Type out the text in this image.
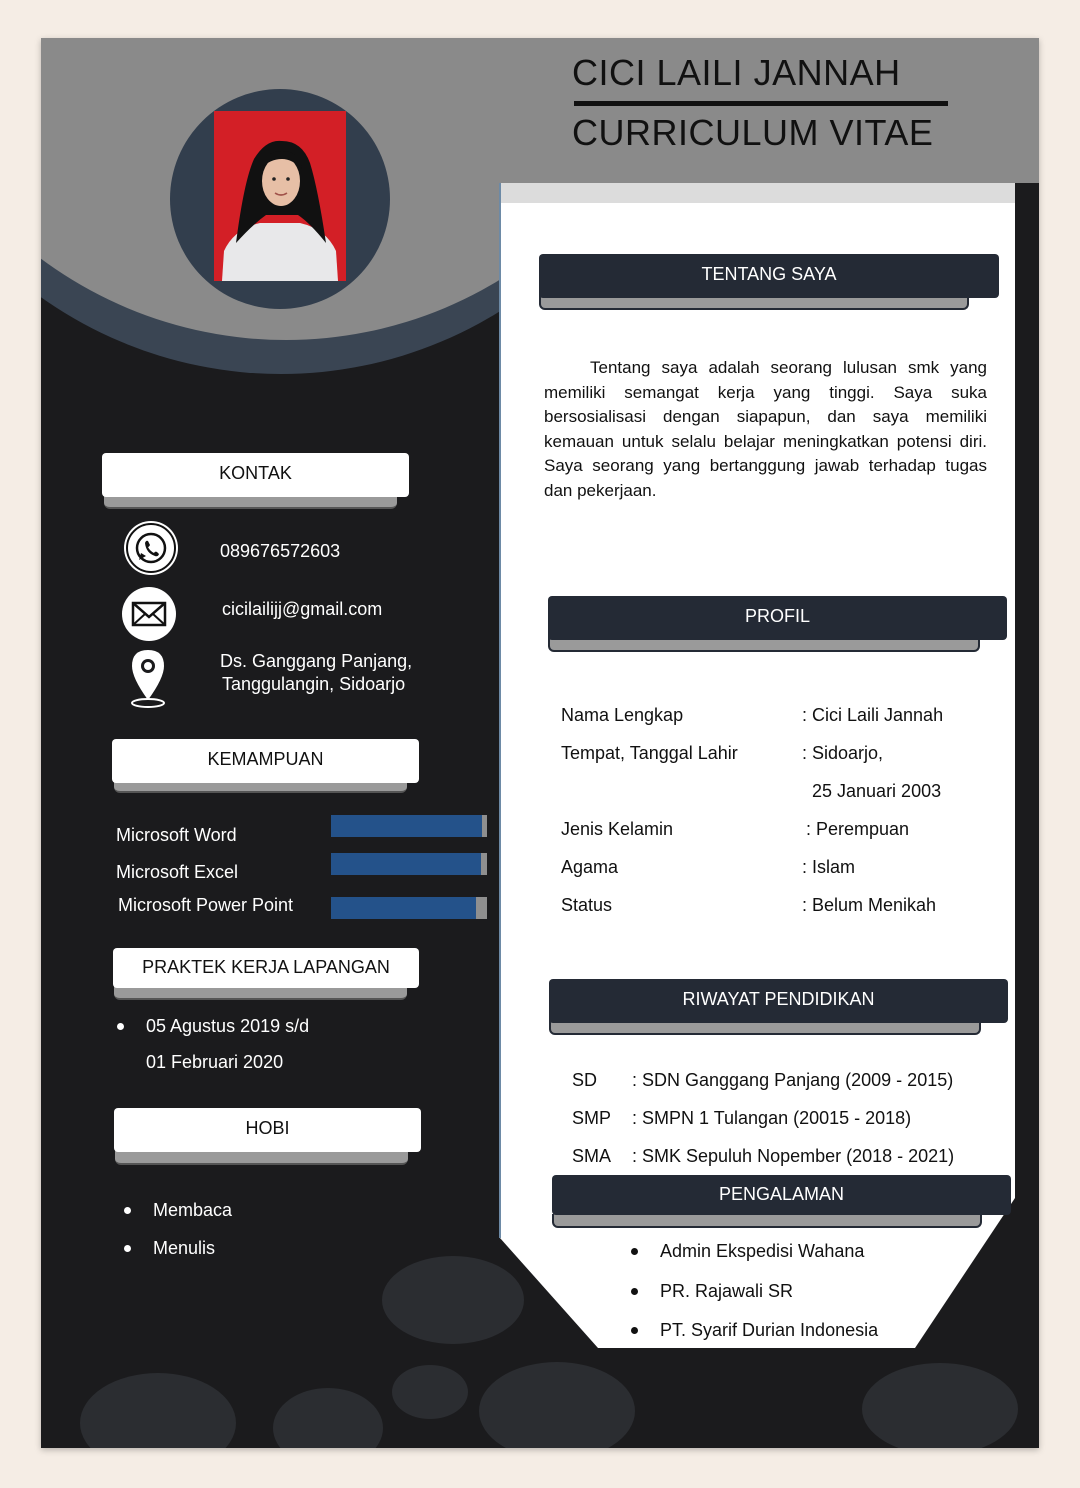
CICI LAILI JANNAH
CURRICULUM VITAE
TENTANG SAYA
Tentang saya adalah seorang lulusan smk yang memiliki semangat kerja yang tinggi. Saya suka bersosialisasi dengan siapapun, dan saya memiliki kemauan untuk selalu belajar meningkatkan potensi diri. Saya seorang yang bertanggung jawab terhadap tugas dan pekerjaan.
PROFIL
Nama Lengkap	: Cici Laili Jannah
Tempat, Tanggal Lahir	: Sidoarjo,
25 Januari 2003
Jenis Kelamin	: Perempuan
Agama	: Islam
Status	: Belum Menikah
RIWAYAT PENDIDIKAN
SD : SDN Ganggang Panjang (2009 - 2015)
SMP : SMPN 1 Tulangan (20015 - 2018)
SMA : SMK Sepuluh Nopember (2018 - 2021)
PENGALAMAN
Admin Ekspedisi Wahana
PR. Rajawali SR
PT. Syarif Durian Indonesia
KONTAK
089676572603
cicilailijj@gmail.com
Ds. Ganggang Panjang,
Tanggulangin, Sidoarjo
KEMAMPUAN
Microsoft Word
Microsoft Excel
Microsoft Power Point
PRAKTEK KERJA LAPANGAN
05 Agustus 2019 s/d
01 Februari 2020
HOBI
Membaca
Menulis
